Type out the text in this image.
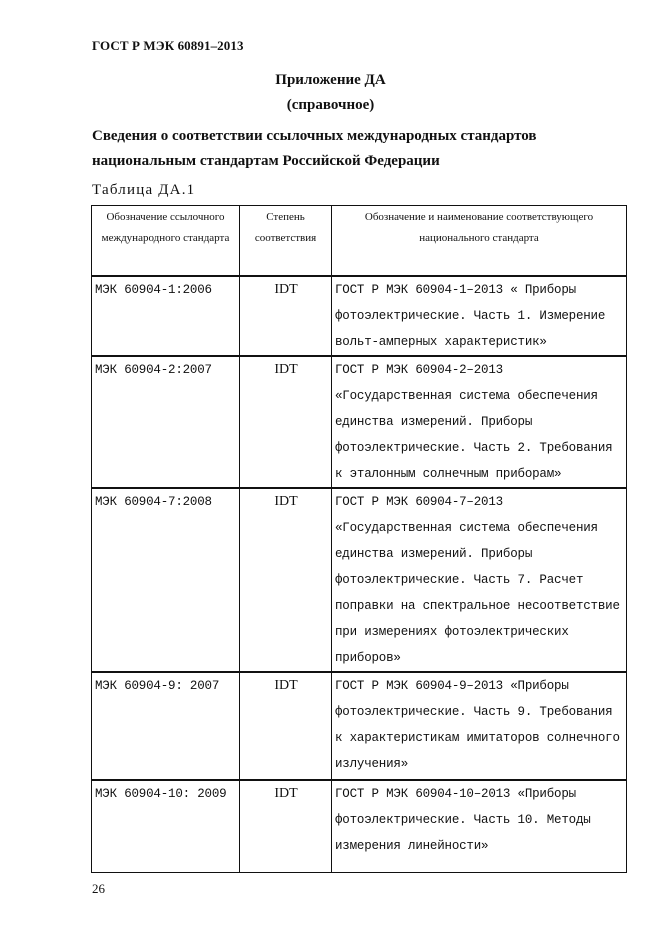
ГОСТ Р МЭК 60891–2013
Приложение ДА
(справочное)
Сведения о соответствии ссылочных международных стандартов национальным стандартам Российской Федерации
Таблица ДА.1
Обозначение ссылочного международного стандарта	Степень соответствия	Обозначение и наименование соответствующего национального стандарта
МЭК 60904-1:2006	IDT	ГОСТ Р МЭК 60904-1–2013 « Приборы фотоэлектрические. Часть 1. Измерение вольт-амперных характеристик»
МЭК 60904-2:2007	IDT	ГОСТ Р МЭК 60904-2–2013 «Государственная система обеспечения единства измерений. Приборы фотоэлектрические. Часть 2. Требования к эталонным солнечным приборам»
МЭК 60904-7:2008	IDT	ГОСТ Р МЭК 60904-7–2013 «Государственная система обеспечения единства измерений. Приборы фотоэлектрические. Часть 7. Расчет поправки на спектральное несоответствие при измерениях фотоэлектрических приборов»
МЭК 60904-9: 2007	IDT	ГОСТ Р МЭК 60904-9–2013 «Приборы фотоэлектрические. Часть 9. Требования к характеристикам имитаторов солнечного излучения»
МЭК 60904-10: 2009	IDT	ГОСТ Р МЭК 60904-10–2013 «Приборы фотоэлектрические. Часть 10. Методы измерения линейности»
26
